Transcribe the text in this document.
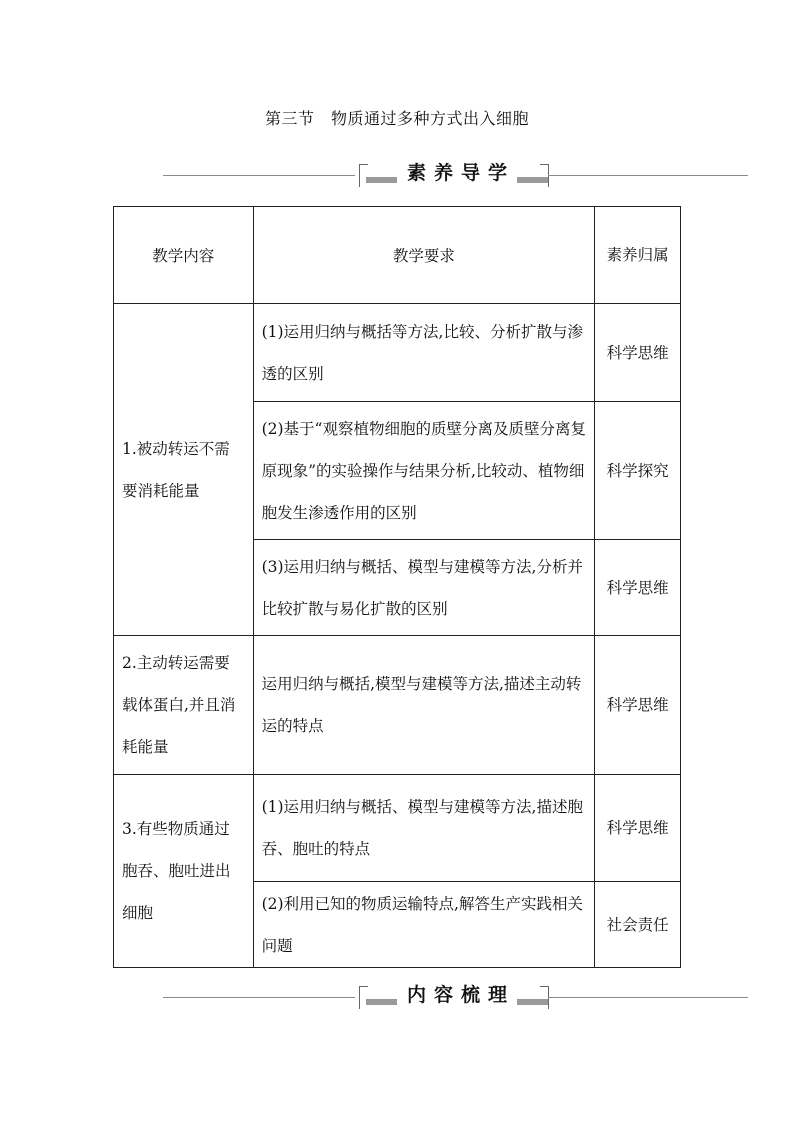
第三节　物质通过多种方式出入细胞
素养导学
教学内容	教学要求	素养归属
1.被动转运不需要消耗能量	(1)运用归纳与概括等方法,比较、分析扩散与渗透的区别	科学思维
	(2)基于“观察植物细胞的质壁分离及质壁分离复原现象”的实验操作与结果分析,比较动、植物细胞发生渗透作用的区别	科学探究
	(3)运用归纳与概括、模型与建模等方法,分析并比较扩散与易化扩散的区别	科学思维
2.主动转运需要载体蛋白,并且消耗能量	运用归纳与概括,模型与建模等方法,描述主动转运的特点	科学思维
3.有些物质通过胞吞、胞吐进出细胞	(1)运用归纳与概括、模型与建模等方法,描述胞吞、胞吐的特点	科学思维
	(2)利用已知的物质运输特点,解答生产实践相关问题	社会责任
内容梳理
